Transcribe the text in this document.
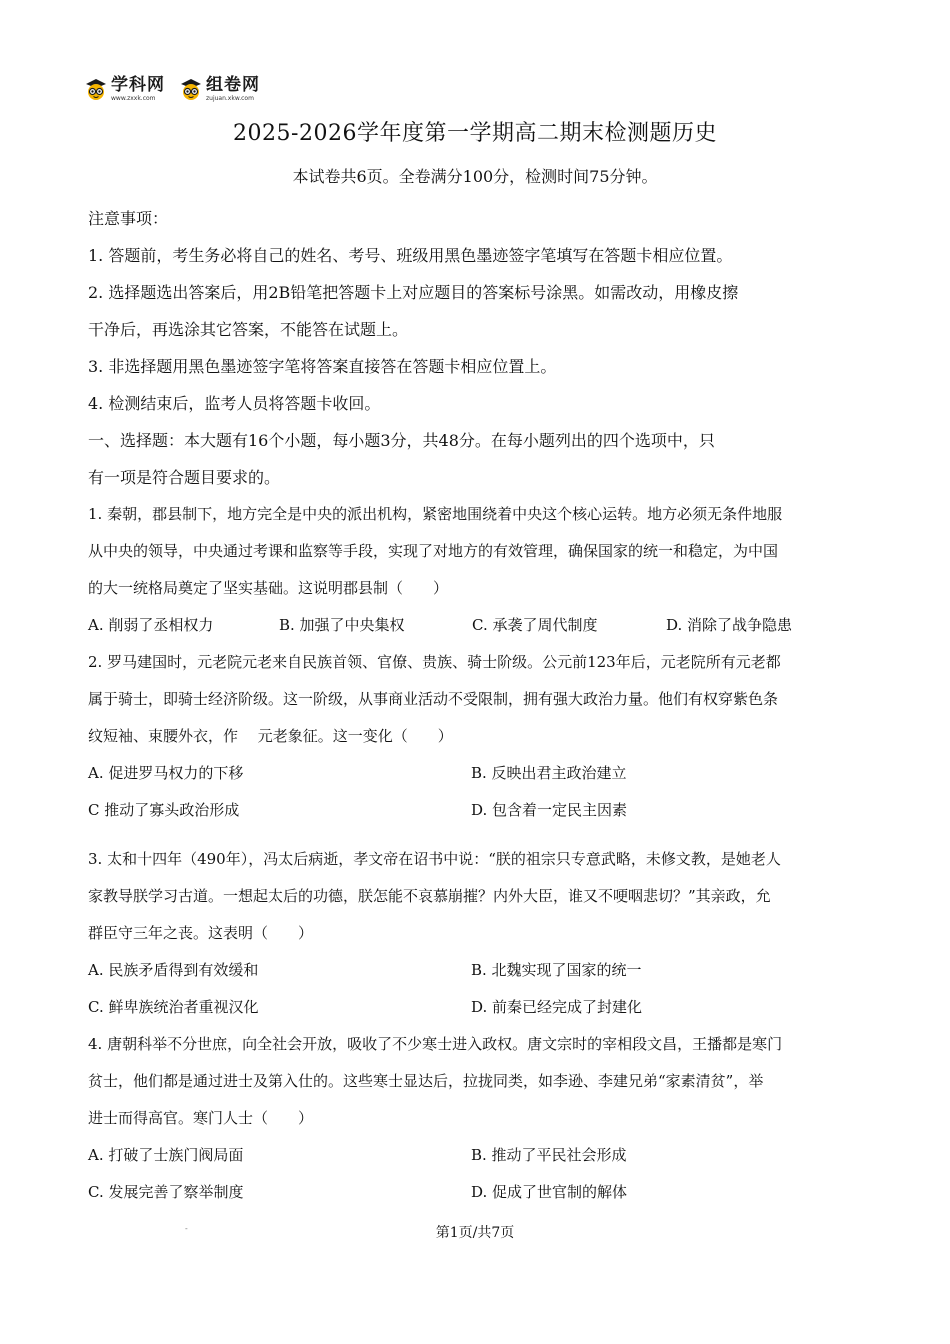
学科网
www.zxxk.com
组卷网
zujuan.xkw.com
2025-2026学年度第一学期高二期末检测题历史
本试卷共6页。全卷满分100分，检测时间75分钟。
注意事项：
1. 答题前，考生务必将自己的姓名、考号、班级用黑色墨迹签字笔填写在答题卡相应位置。
2. 选择题选出答案后，用2B铅笔把答题卡上对应题目的答案标号涂黑。如需改动，用橡皮擦
干净后，再选涂其它答案，不能答在试题上。
3. 非选择题用黑色墨迹签字笔将答案直接答在答题卡相应位置上。
4. 检测结束后，监考人员将答题卡收回。
一、选择题：本大题有16个小题，每小题3分，共48分。在每小题列出的四个选项中，只
有一项是符合题目要求的。
1. 秦朝，郡县制下，地方完全是中央的派出机构，紧密地围绕着中央这个核心运转。地方必须无条件地服
从中央的领导，中央通过考课和监察等手段，实现了对地方的有效管理，确保国家的统一和稳定，为中国
的大一统格局奠定了坚实基础。这说明郡县制（　　）
A. 削弱了丞相权力	B. 加强了中央集权	C. 承袭了周代制度	D. 消除了战争隐患
2. 罗马建国时，元老院元老来自民族首领、官僚、贵族、骑士阶级。公元前123年后，元老院所有元老都
属于骑士，即骑士经济阶级。这一阶级，从事商业活动不受限制，拥有强大政治力量。他们有权穿紫色条
纹短袖、束腰外衣，作　 元老象征。这一变化（　　）
A. 促进罗马权力的下移	B. 反映出君主政治建立
C 推动了寡头政治形成	D. 包含着一定民主因素
3. 太和十四年（490年），冯太后病逝，孝文帝在诏书中说：“朕的祖宗只专意武略，未修文教，是她老人
家教导朕学习古道。一想起太后的功德，朕怎能不哀慕崩摧？内外大臣，谁又不哽咽悲切？”其亲政，允
群臣守三年之丧。这表明（　　）
A. 民族矛盾得到有效缓和	B. 北魏实现了国家的统一
C. 鲜卑族统治者重视汉化	D. 前秦已经完成了封建化
4. 唐朝科举不分世庶，向全社会开放，吸收了不少寒士进入政权。唐文宗时的宰相段文昌，王播都是寒门
贫士，他们都是通过进士及第入仕的。这些寒士显达后，拉拢同类，如李逊、李建兄弟“家素清贫”，举
进士而得高官。寒门人士（　　）
A. 打破了士族门阀局面	B. 推动了平民社会形成
C. 发展完善了察举制度	D. 促成了世官制的解体
-	第1页/共7页
